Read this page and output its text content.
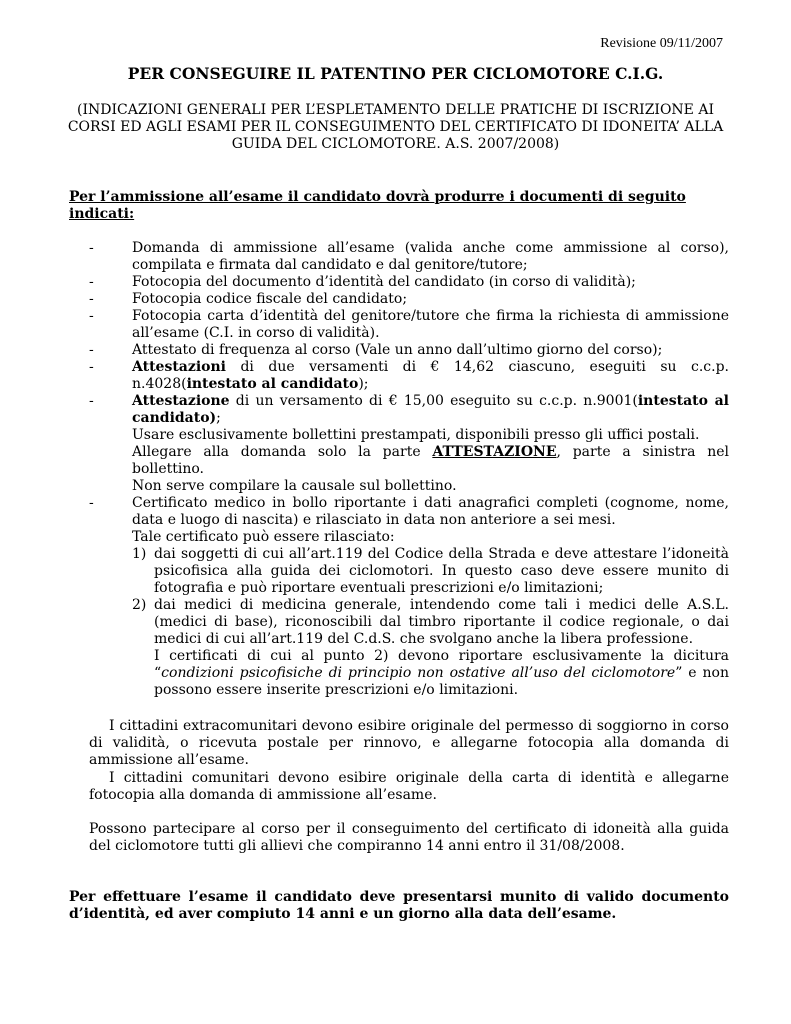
Revisione 09/11/2007
PER CONSEGUIRE IL PATENTINO PER CICLOMOTORE C.I.G.
(INDICAZIONI GENERALI PER L’ESPLETAMENTO DELLE PRATICHE DI ISCRIZIONE AI CORSI ED AGLI ESAMI PER IL CONSEGUIMENTO DEL CERTIFICATO DI IDONEITA’ ALLA GUIDA DEL CICLOMOTORE. A.S. 2007/2008)
Per l’ammissione all’esame il candidato dovrà produrre i documenti di seguito indicati:
-	Domanda di ammissione all’esame (valida anche come ammissione al corso), compilata e firmata dal candidato e dal genitore/tutore;
-	Fotocopia del documento d’identità del candidato (in corso di validità);
-	Fotocopia codice fiscale del candidato;
-	Fotocopia carta d’identità del genitore/tutore che firma la richiesta di ammissione all’esame (C.I. in corso di validità).
-	Attestato di frequenza al corso (Vale un anno dall’ultimo giorno del corso);
-	Attestazioni di due versamenti di € 14,62 ciascuno, eseguiti su c.c.p. n.4028(intestato al candidato);
-	Attestazione di un versamento di € 15,00 eseguito su c.c.p. n.9001(intestato al candidato);
Usare esclusivamente bollettini prestampati, disponibili presso gli uffici postali.
Allegare alla domanda solo la parte ATTESTAZIONE, parte a sinistra nel bollettino.
Non serve compilare la causale sul bollettino.
-	Certificato medico in bollo riportante i dati anagrafici completi (cognome, nome, data e luogo di nascita) e rilasciato in data non anteriore a sei mesi.
Tale certificato può essere rilasciato:
1) dai soggetti di cui all’art.119 del Codice della Strada e deve attestare l’idoneità psicofisica alla guida dei ciclomotori. In questo caso deve essere munito di fotografia e può riportare eventuali prescrizioni e/o limitazioni;
2) dai medici di medicina generale, intendendo come tali i medici delle A.S.L. (medici di base), riconoscibili dal timbro riportante il codice regionale, o dai medici di cui all’art.119 del C.d.S. che svolgano anche la libera professione.
I certificati di cui al punto 2) devono riportare esclusivamente la dicitura “condizioni psicofisiche di principio non ostative all’uso del ciclomotore” e non possono essere inserite prescrizioni e/o limitazioni.
I cittadini extracomunitari devono esibire originale del permesso di soggiorno in corso di validità, o ricevuta postale per rinnovo, e allegarne fotocopia alla domanda di ammissione all’esame.
I cittadini comunitari devono esibire originale della carta di identità e allegarne fotocopia alla domanda di ammissione all’esame.
Possono partecipare al corso per il conseguimento del certificato di idoneità alla guida del ciclomotore tutti gli allievi che compiranno 14 anni entro il 31/08/2008.
Per effettuare l’esame il candidato deve presentarsi munito di valido documento d’identità, ed aver compiuto 14 anni e un giorno alla data dell’esame.
